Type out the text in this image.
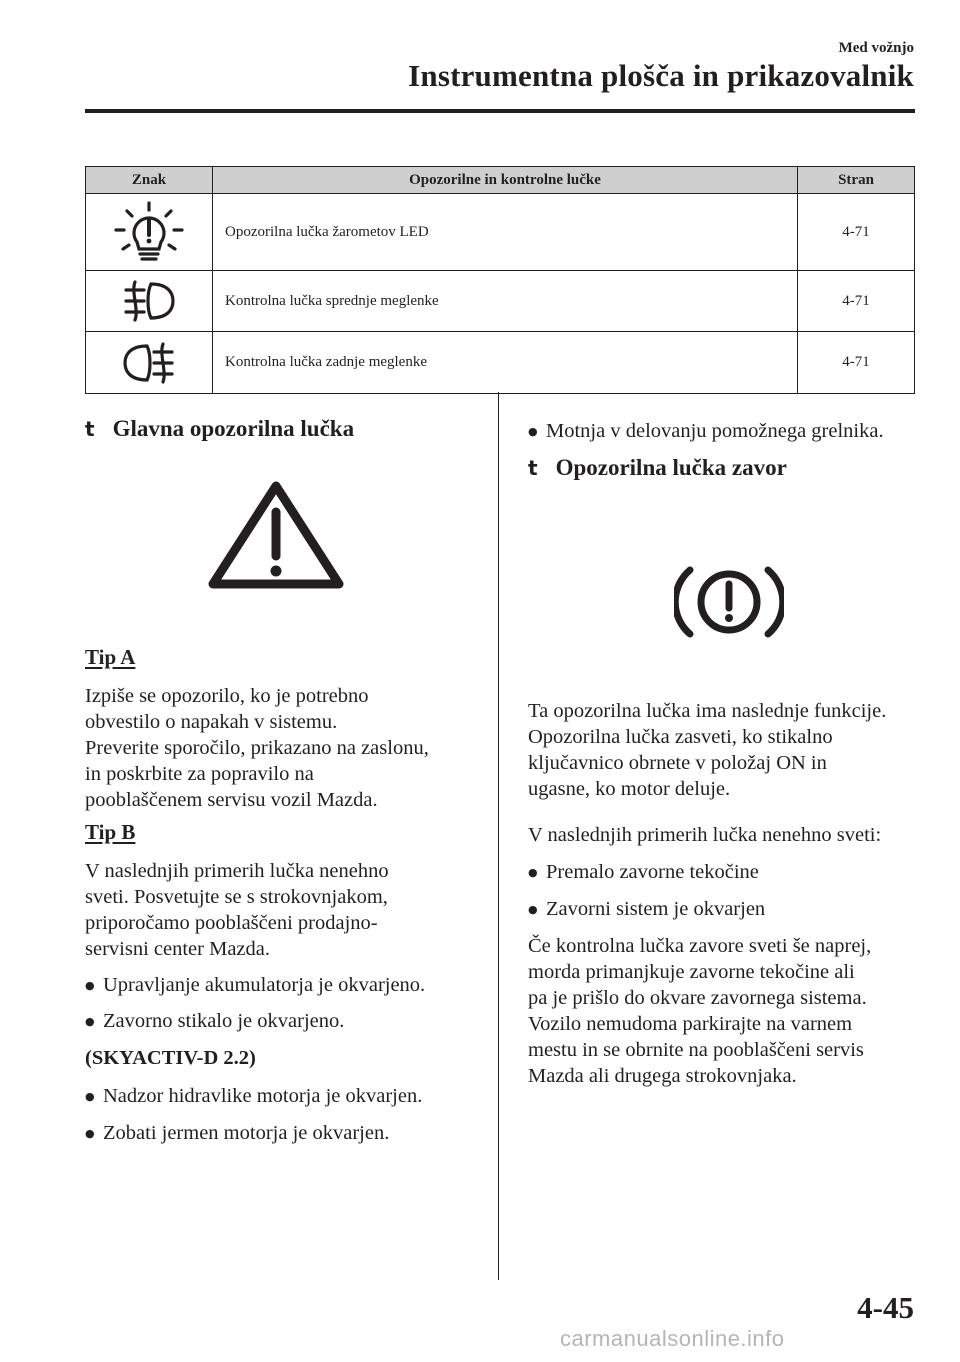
Med vožnjo
Instrumentna plošča in prikazovalnik
Znak	Opozorilne in kontrolne lučke	Stran

	Opozorilna lučka žarometov LED	4-71

	Kontrolna lučka sprednje meglenke	4-71

	Kontrolna lučka zadnje meglenke	4-71
t Glavna opozorilna lučka
Tip A
Izpiše se opozorilo, ko je potrebno
obvestilo o napakah v sistemu.
Preverite sporočilo, prikazano na zaslonu,
in poskrbite za popravilo na
pooblaščenem servisu vozil Mazda.
Tip B
V naslednjih primerih lučka nenehno
sveti. Posvetujte se s strokovnjakom,
priporočamo pooblaščeni prodajno-
servisni center Mazda.
● Upravljanje akumulatorja je okvarjeno.
● Zavorno stikalo je okvarjeno.
(SKYACTIV-D 2.2)
● Nadzor hidravlike motorja je okvarjen.
● Zobati jermen motorja je okvarjen.
● Motnja v delovanju pomožnega grelnika.
t Opozorilna lučka zavor
Ta opozorilna lučka ima naslednje funkcije.
Opozorilna lučka zasveti, ko stikalno
ključavnico obrnete v položaj ON in
ugasne, ko motor deluje.
V naslednjih primerih lučka nenehno sveti:
● Premalo zavorne tekočine
● Zavorni sistem je okvarjen
Če kontrolna lučka zavore sveti še naprej,
morda primanjkuje zavorne tekočine ali
pa je prišlo do okvare zavornega sistema.
Vozilo nemudoma parkirajte na varnem
mestu in se obrnite na pooblaščeni servis
Mazda ali drugega strokovnjaka.
4-45
carmanualsonline.info
